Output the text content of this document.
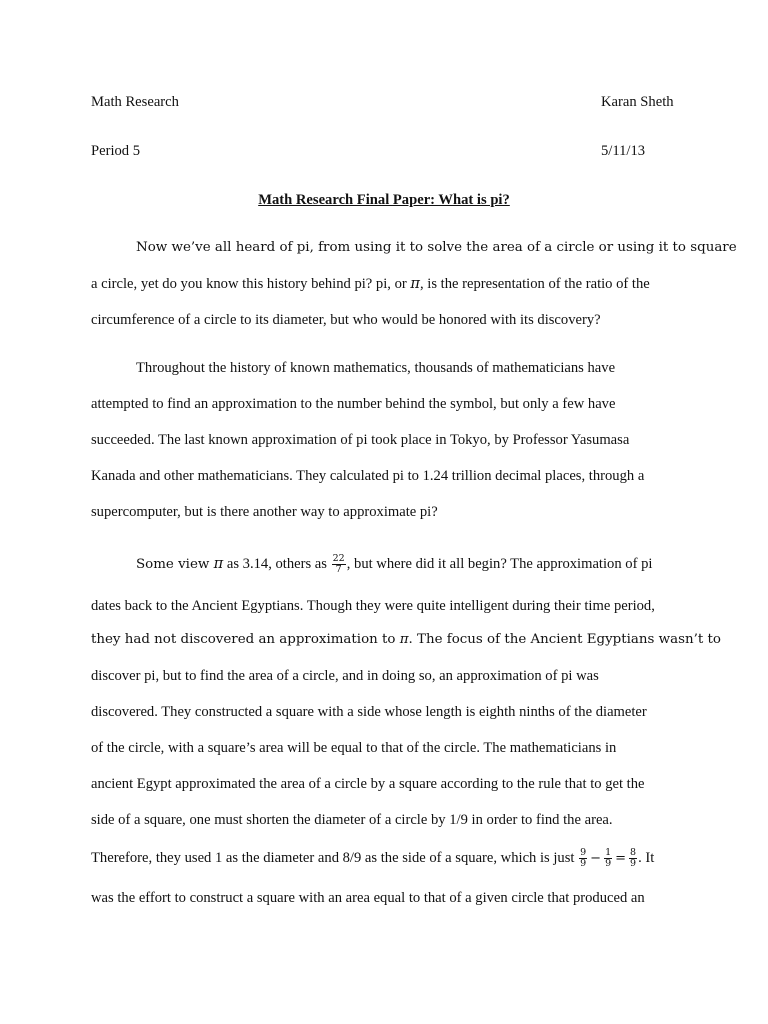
Math Research	Karan Sheth
Period 5	5/11/13
Math Research Final Paper: What is pi?
Now we’ve all heard of pi, from using it to solve the area of a circle or using it to square
a circle, yet do you know this history behind pi? pi, or π, is the representation of the ratio of the
circumference of a circle to its diameter, but who would be honored with its discovery?
Throughout the history of known mathematics, thousands of mathematicians have
attempted to find an approximation to the number behind the symbol, but only a few have
succeeded. The last known approximation of pi took place in Tokyo, by Professor Yasumasa
Kanada and other mathematicians. They calculated pi to 1.24 trillion decimal places, through a
supercomputer, but is there another way to approximate pi?
Some view π as 3.14, others as $\frac{22}{7}$ , but where did it all begin? The approximation of pi
dates back to the Ancient Egyptians. Though they were quite intelligent during their time period,
they had not discovered an approximation to π. The focus of the Ancient Egyptians wasn’t to
discover pi, but to find the area of a circle, and in doing so, an approximation of pi was
discovered. They constructed a square with a side whose length is eighth ninths of the diameter
of the circle, with a square’s area will be equal to that of the circle. The mathematicians in
ancient Egypt approximated the area of a circle by a square according to the rule that to get the
side of a square, one must shorten the diameter of a circle by 1/9 in order to find the area.
Therefore, they used 1 as the diameter and 8/9 as the side of a square, which is just $\frac{9}{9} - \frac{1}{9} = \frac{8}{9}$ . It
was the effort to construct a square with an area equal to that of a given circle that produced an
